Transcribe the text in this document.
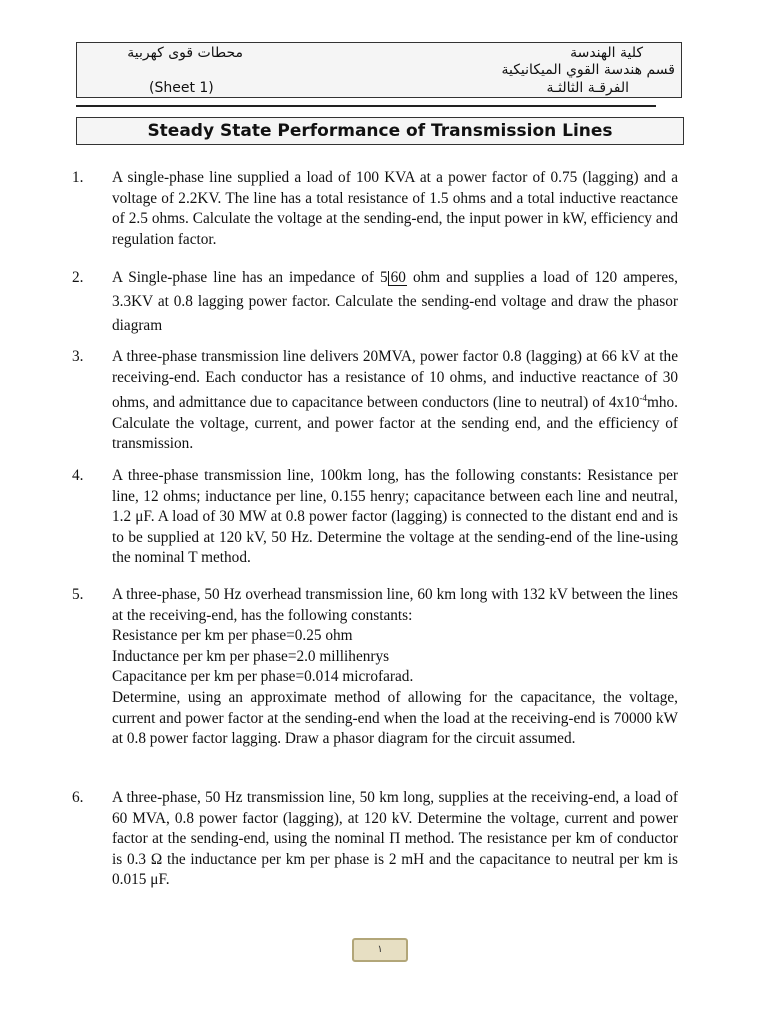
محطات قوى كهربية	كلية الهندسة
قسم هندسة القوي الميكانيكية
(Sheet 1)	الفرقـة الثالثـة
Steady State Performance of Transmission Lines
1. A single-phase line supplied a load of 100 KVA at a power factor of 0.75 (lagging) and a voltage of 2.2KV. The line has a total resistance of 1.5 ohms and a total inductive reactance of 2.5 ohms. Calculate the voltage at the sending-end, the input power in kW, efficiency and regulation factor.

2. A Single-phase line has an impedance of 5 60 ohm and supplies a load of 120 amperes, 3.3KV at 0.8 lagging power factor. Calculate the sending-end voltage and draw the phasor diagram

3. A three-phase transmission line delivers 20MVA, power factor 0.8 (lagging) at 66 kV at the receiving-end. Each conductor has a resistance of 10 ohms, and inductive reactance of 30 ohms, and admittance due to capacitance between conductors (line to neutral) of $4x10^{-4}mho$. Calculate the voltage, current, and power factor at the sending end, and the efficiency of transmission.

4. A three-phase transmission line, 100km long, has the following constants: Resistance per line, 12 ohms; inductance per line, 0.155 henry; capacitance between each line and neutral, 1.2 μF. A load of 30 MW at 0.8 power factor (lagging) is connected to the distant end and is to be supplied at 120 kV, 50 Hz. Determine the voltage at the sending-end of the line-using the nominal T method.

5. A three-phase, 50 Hz overhead transmission line, 60 km long with 132 kV between the lines at the receiving-end, has the following constants:

Resistance per km per phase=0.25 ohm

Inductance per km per phase=2.0 millihenrys

Capacitance per km per phase=0.014 microfarad.

Determine, using an approximate method of allowing for the capacitance, the voltage, current and power factor at the sending-end when the load at the receiving-end is 70000 kW at 0.8 power factor lagging. Draw a phasor diagram for the circuit assumed.

6. A three-phase, 50 Hz transmission line, 50 km long, supplies at the receiving-end, a load of 60 MVA, 0.8 power factor (lagging), at 120 kV. Determine the voltage, current and power factor at the sending-end, using the nominal Π method. The resistance per km of conductor is 0.3 Ω the inductance per km per phase is 2 mH and the capacitance to neutral per km is 0.015 μF.

١
